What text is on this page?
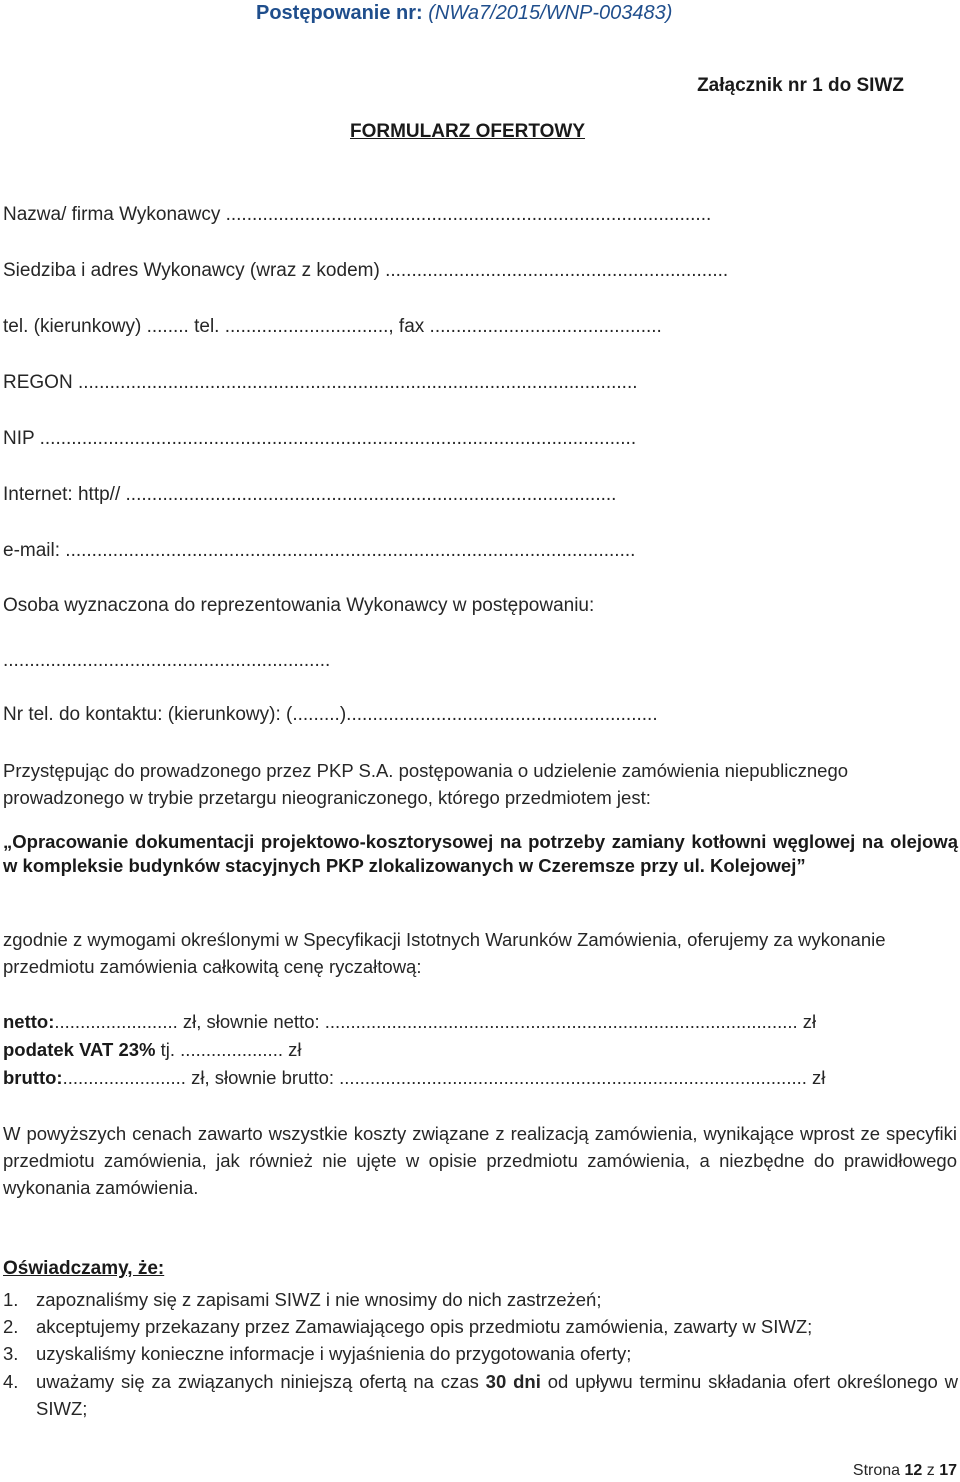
Postępowanie nr: (NWa7/2015/WNP-003483)
Załącznik nr 1 do SIWZ
FORMULARZ OFERTOWY
Nazwa/ firma Wykonawcy ............................................................................................
Siedziba i adres Wykonawcy (wraz z kodem) .................................................................
tel. (kierunkowy) ........ tel. ..............................., fax ............................................
REGON ..........................................................................................................
NIP .................................................................................................................
Internet: http// .............................................................................................
e-mail: ............................................................................................................
Osoba wyznaczona do reprezentowania Wykonawcy w postępowaniu:
..............................................................
Nr tel. do kontaktu: (kierunkowy): (.........)...........................................................
Przystępując do prowadzonego przez PKP S.A. postępowania o udzielenie zamówienia niepublicznego prowadzonego w trybie przetargu nieograniczonego, którego przedmiotem jest:
„Opracowanie dokumentacji projektowo-kosztorysowej na potrzeby zamiany kotłowni węglowej na olejową w kompleksie budynków stacyjnych PKP zlokalizowanych w Czeremsze przy ul. Kolejowej”
zgodnie z wymogami określonymi w Specyfikacji Istotnych Warunków Zamówienia, oferujemy za wykonanie przedmiotu zamówienia całkowitą cenę ryczałtową:
netto:........................ zł, słownie netto: ............................................................................................ zł
podatek VAT 23% tj. .................... zł
brutto:........................ zł, słownie brutto: ........................................................................................... zł
W powyższych cenach zawarto wszystkie koszty związane z realizacją zamówienia, wynikające wprost ze specyfiki przedmiotu zamówienia, jak również nie ujęte w opisie przedmiotu zamówienia, a niezbędne do prawidłowego wykonania zamówienia.
Oświadczamy, że:
1. zapoznaliśmy się z zapisami SIWZ i nie wnosimy do nich zastrzeżeń;
2. akceptujemy przekazany przez Zamawiającego opis przedmiotu zamówienia, zawarty w SIWZ;
3. uzyskaliśmy konieczne informacje i wyjaśnienia do przygotowania oferty;
4. uważamy się za związanych niniejszą ofertą na czas 30 dni od upływu terminu składania ofert określonego w SIWZ;
Strona 12 z 17
